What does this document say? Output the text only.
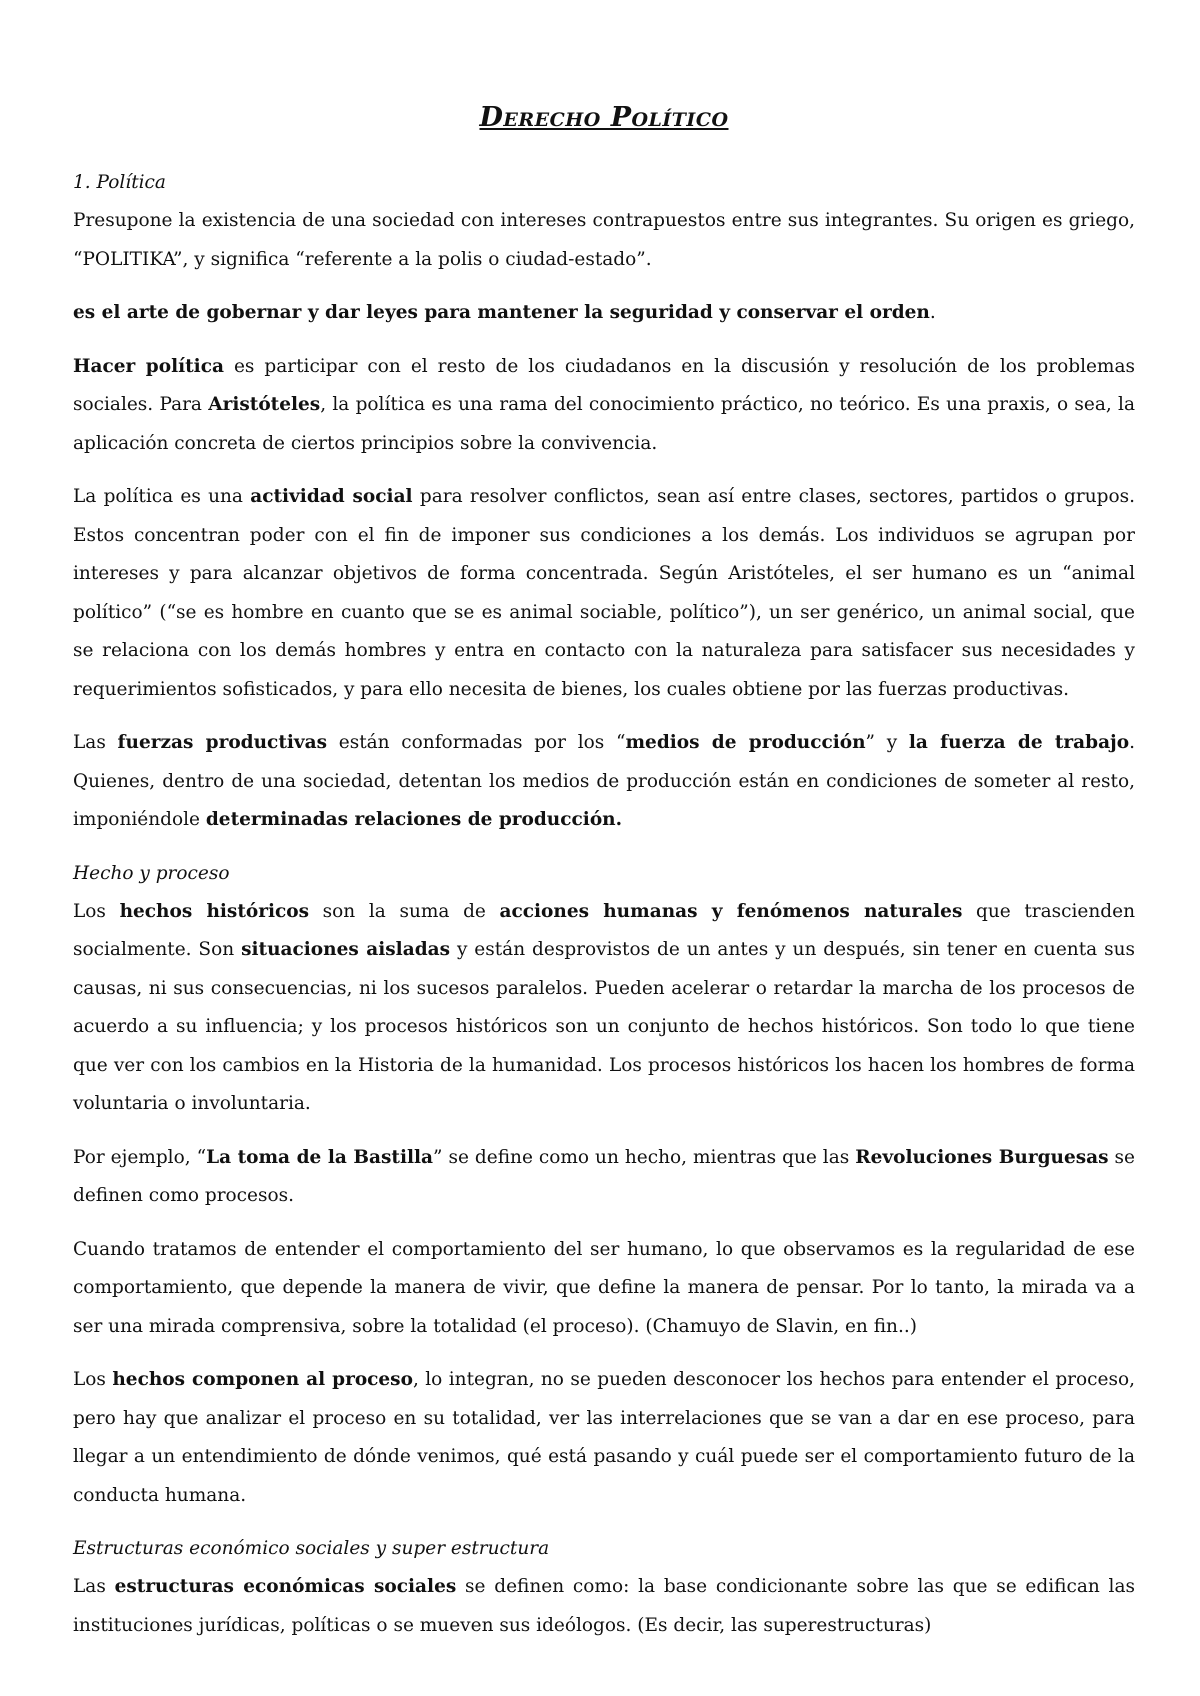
Derecho Político
1. Política

Presupone la existencia de una sociedad con intereses contrapuestos entre sus integrantes. Su origen es griego, “POLITIKA”, y significa “referente a la polis o ciudad-estado”.

es el arte de gobernar y dar leyes para mantener la seguridad y conservar el orden.

Hacer política es participar con el resto de los ciudadanos en la discusión y resolución de los problemas sociales. Para Aristóteles, la política es una rama del conocimiento práctico, no teórico. Es una praxis, o sea, la aplicación concreta de ciertos principios sobre la convivencia.

La política es una actividad social para resolver conflictos, sean así entre clases, sectores, partidos o grupos. Estos concentran poder con el fin de imponer sus condiciones a los demás. Los individuos se agrupan por intereses y para alcanzar objetivos de forma concentrada. Según Aristóteles, el ser humano es un “animal político” (“se es hombre en cuanto que se es animal sociable, político”), un ser genérico, un animal social, que se relaciona con los demás hombres y entra en contacto con la naturaleza para satisfacer sus necesidades y requerimientos sofisticados, y para ello necesita de bienes, los cuales obtiene por las fuerzas productivas.

Las fuerzas productivas están conformadas por los “medios de producción” y la fuerza de trabajo. Quienes, dentro de una sociedad, detentan los medios de producción están en condiciones de someter al resto, imponiéndole determinadas relaciones de producción.

Hecho y proceso

Los hechos históricos son la suma de acciones humanas y fenómenos naturales que trascienden socialmente. Son situaciones aisladas y están desprovistos de un antes y un después, sin tener en cuenta sus causas, ni sus consecuencias, ni los sucesos paralelos. Pueden acelerar o retardar la marcha de los procesos de acuerdo a su influencia; y los procesos históricos son un conjunto de hechos históricos. Son todo lo que tiene que ver con los cambios en la Historia de la humanidad. Los procesos históricos los hacen los hombres de forma voluntaria o involuntaria.

Por ejemplo, “La toma de la Bastilla” se define como un hecho, mientras que las Revoluciones Burguesas se definen como procesos.

Cuando tratamos de entender el comportamiento del ser humano, lo que observamos es la regularidad de ese comportamiento, que depende la manera de vivir, que define la manera de pensar. Por lo tanto, la mirada va a ser una mirada comprensiva, sobre la totalidad (el proceso). (Chamuyo de Slavin, en fin..)

Los hechos componen al proceso, lo integran, no se pueden desconocer los hechos para entender el proceso, pero hay que analizar el proceso en su totalidad, ver las interrelaciones que se van a dar en ese proceso, para llegar a un entendimiento de dónde venimos, qué está pasando y cuál puede ser el comportamiento futuro de la conducta humana.

Estructuras económico sociales y super estructura

Las estructuras económicas sociales se definen como: la base condicionante sobre las que se edifican las instituciones jurídicas, políticas o se mueven sus ideólogos. (Es decir, las superestructuras)
